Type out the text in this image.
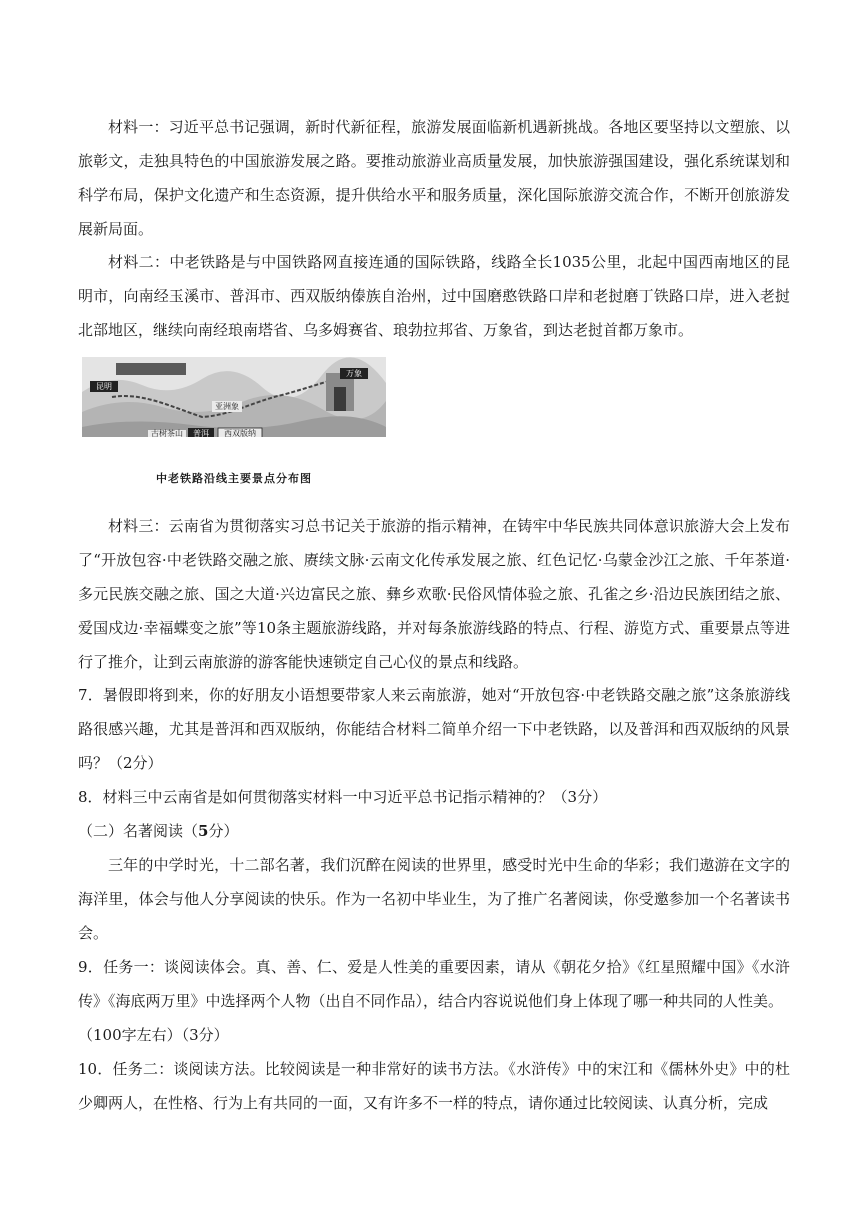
材料一：习近平总书记强调，新时代新征程，旅游发展面临新机遇新挑战。各地区要坚持以文塑旅、以旅彰文，走独具特色的中国旅游发展之路。要推动旅游业高质量发展，加快旅游强国建设，强化系统谋划和科学布局，保护文化遗产和生态资源，提升供给水平和服务质量，深化国际旅游交流合作，不断开创旅游发展新局面。

材料二：中老铁路是与中国铁路网直接连通的国际铁路，线路全长1035公里，北起中国西南地区的昆明市，向南经玉溪市、普洱市、西双版纳傣族自治州，过中国磨憨铁路口岸和老挝磨丁铁路口岸，进入老挝北部地区，继续向南经琅南塔省、乌多姆赛省、琅勃拉邦省、万象省，到达老挝首都万象市。

昆明
万象
亚洲象
古树茶山 普洱 西双版纳
中老铁路沿线主要景点分布图

材料三：云南省为贯彻落实习总书记关于旅游的指示精神，在铸牢中华民族共同体意识旅游大会上发布了“开放包容·中老铁路交融之旅、赓续文脉·云南文化传承发展之旅、红色记忆·乌蒙金沙江之旅、千年茶道·多元民族交融之旅、国之大道·兴边富民之旅、彝乡欢歌·民俗风情体验之旅、孔雀之乡·沿边民族团结之旅、爱国戍边·幸福蝶变之旅”等10条主题旅游线路，并对每条旅游线路的特点、行程、游览方式、重要景点等进行了推介，让到云南旅游的游客能快速锁定自己心仪的景点和线路。

7．暑假即将到来，你的好朋友小语想要带家人来云南旅游，她对“开放包容·中老铁路交融之旅”这条旅游线路很感兴趣，尤其是普洱和西双版纳，你能结合材料二简单介绍一下中老铁路，以及普洱和西双版纳的风景吗？（2分）

8．材料三中云南省是如何贯彻落实材料一中习近平总书记指示精神的？（3分）

（二）名著阅读（5分）

三年的中学时光，十二部名著，我们沉醉在阅读的世界里，感受时光中生命的华彩；我们遨游在文字的海洋里，体会与他人分享阅读的快乐。作为一名初中毕业生，为了推广名著阅读，你受邀参加一个名著读书会。

9．任务一：谈阅读体会。真、善、仁、爱是人性美的重要因素，请从《朝花夕拾》《红星照耀中国》《水浒传》《海底两万里》中选择两个人物（出自不同作品），结合内容说说他们身上体现了哪一种共同的人性美。

（100字左右）（3分）

10．任务二：谈阅读方法。比较阅读是一种非常好的读书方法。《水浒传》中的宋江和《儒林外史》中的杜少卿两人，在性格、行为上有共同的一面，又有许多不一样的特点，请你通过比较阅读、认真分析，完成
